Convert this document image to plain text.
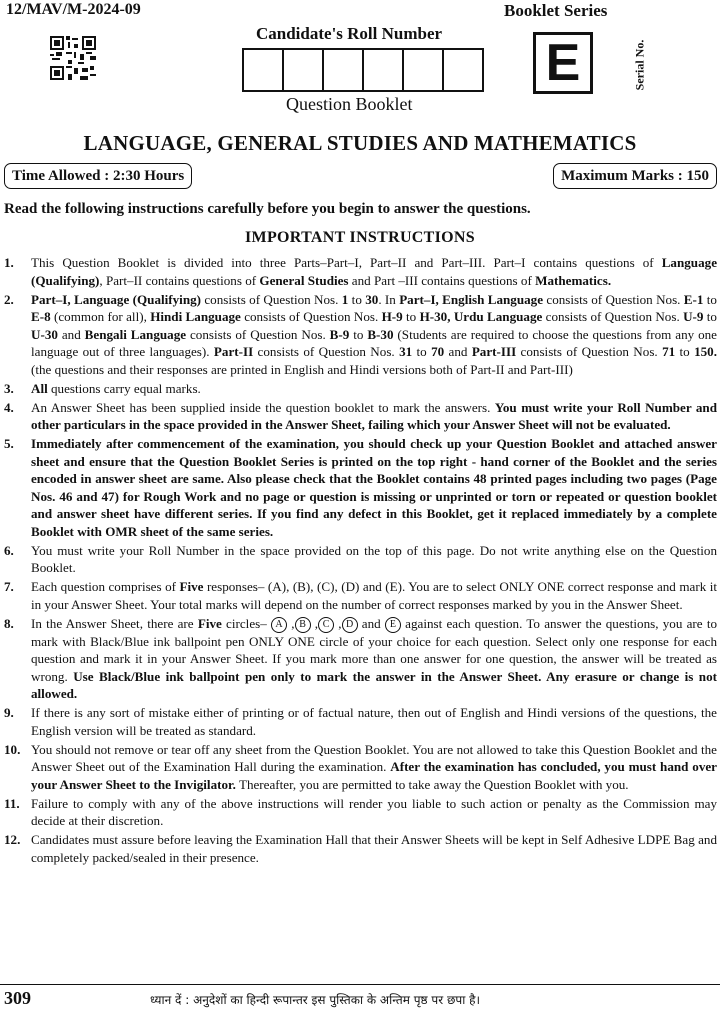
12/MAV/M-2024-09	Booklet Series
Candidate's Roll Number
Question Booklet
E	Serial No.
LANGUAGE, GENERAL STUDIES AND MATHEMATICS
Time Allowed : 2:30 Hours	Maximum Marks : 150
Read the following instructions carefully before you begin to answer the questions.
IMPORTANT INSTRUCTIONS
1. This Question Booklet is divided into three Parts–Part–I, Part–II and Part–III. Part–I contains questions of Language (Qualifying), Part–II contains questions of General Studies and Part –III contains questions of Mathematics.
2. Part–I, Language (Qualifying) consists of Question Nos. 1 to 30. In Part–I, English Language consists of Question Nos. E-1 to E-8 (common for all), Hindi Language consists of Question Nos. H-9 to H-30, Urdu Language consists of Question Nos. U-9 to U-30 and Bengali Language consists of Question Nos. B-9 to B-30 (Students are required to choose the questions from any one language out of three languages). Part-II consists of Question Nos. 31 to 70 and Part-III consists of Question Nos. 71 to 150. (the questions and their responses are printed in English and Hindi versions both of Part-II and Part-III)
3. All questions carry equal marks.
4. An Answer Sheet has been supplied inside the question booklet to mark the answers. You must write your Roll Number and other particulars in the space provided in the Answer Sheet, failing which your Answer Sheet will not be evaluated.
5. Immediately after commencement of the examination, you should check up your Question Booklet and attached answer sheet and ensure that the Question Booklet Series is printed on the top right - hand corner of the Booklet and the series encoded in answer sheet are same. Also please check that the Booklet contains 48 printed pages including two pages (Page Nos. 46 and 47) for Rough Work and no page or question is missing or unprinted or torn or repeated or question booklet and answer sheet have different series. If you find any defect in this Booklet, get it replaced immediately by a complete Booklet with OMR sheet of the same series.
6. You must write your Roll Number in the space provided on the top of this page. Do not write anything else on the Question Booklet.
7. Each question comprises of Five responses– (A), (B), (C), (D) and (E). You are to select ONLY ONE correct response and mark it in your Answer Sheet. Your total marks will depend on the number of correct responses marked by you in the Answer Sheet.
8. In the Answer Sheet, there are Five circles– A , B , C , D and E against each question. To answer the questions, you are to mark with Black/Blue ink ballpoint pen ONLY ONE circle of your choice for each question. Select only one response for each question and mark it in your Answer Sheet. If you mark more than one answer for one question, the answer will be treated as wrong. Use Black/Blue ink ballpoint pen only to mark the answer in the Answer Sheet. Any erasure or change is not allowed.
9. If there is any sort of mistake either of printing or of factual nature, then out of English and Hindi versions of the questions, the English version will be treated as standard.
10. You should not remove or tear off any sheet from the Question Booklet. You are not allowed to take this Question Booklet and the Answer Sheet out of the Examination Hall during the examination. After the examination has concluded, you must hand over your Answer Sheet to the Invigilator. Thereafter, you are permitted to take away the Question Booklet with you.
11. Failure to comply with any of the above instructions will render you liable to such action or penalty as the Commission may decide at their discretion.
12. Candidates must assure before leaving the Examination Hall that their Answer Sheets will be kept in Self Adhesive LDPE Bag and completely packed/sealed in their presence.
309	ध्यान दें : अनुदेशों का हिन्दी रूपान्तर इस पुस्तिका के अन्तिम पृष्ठ पर छपा है।
